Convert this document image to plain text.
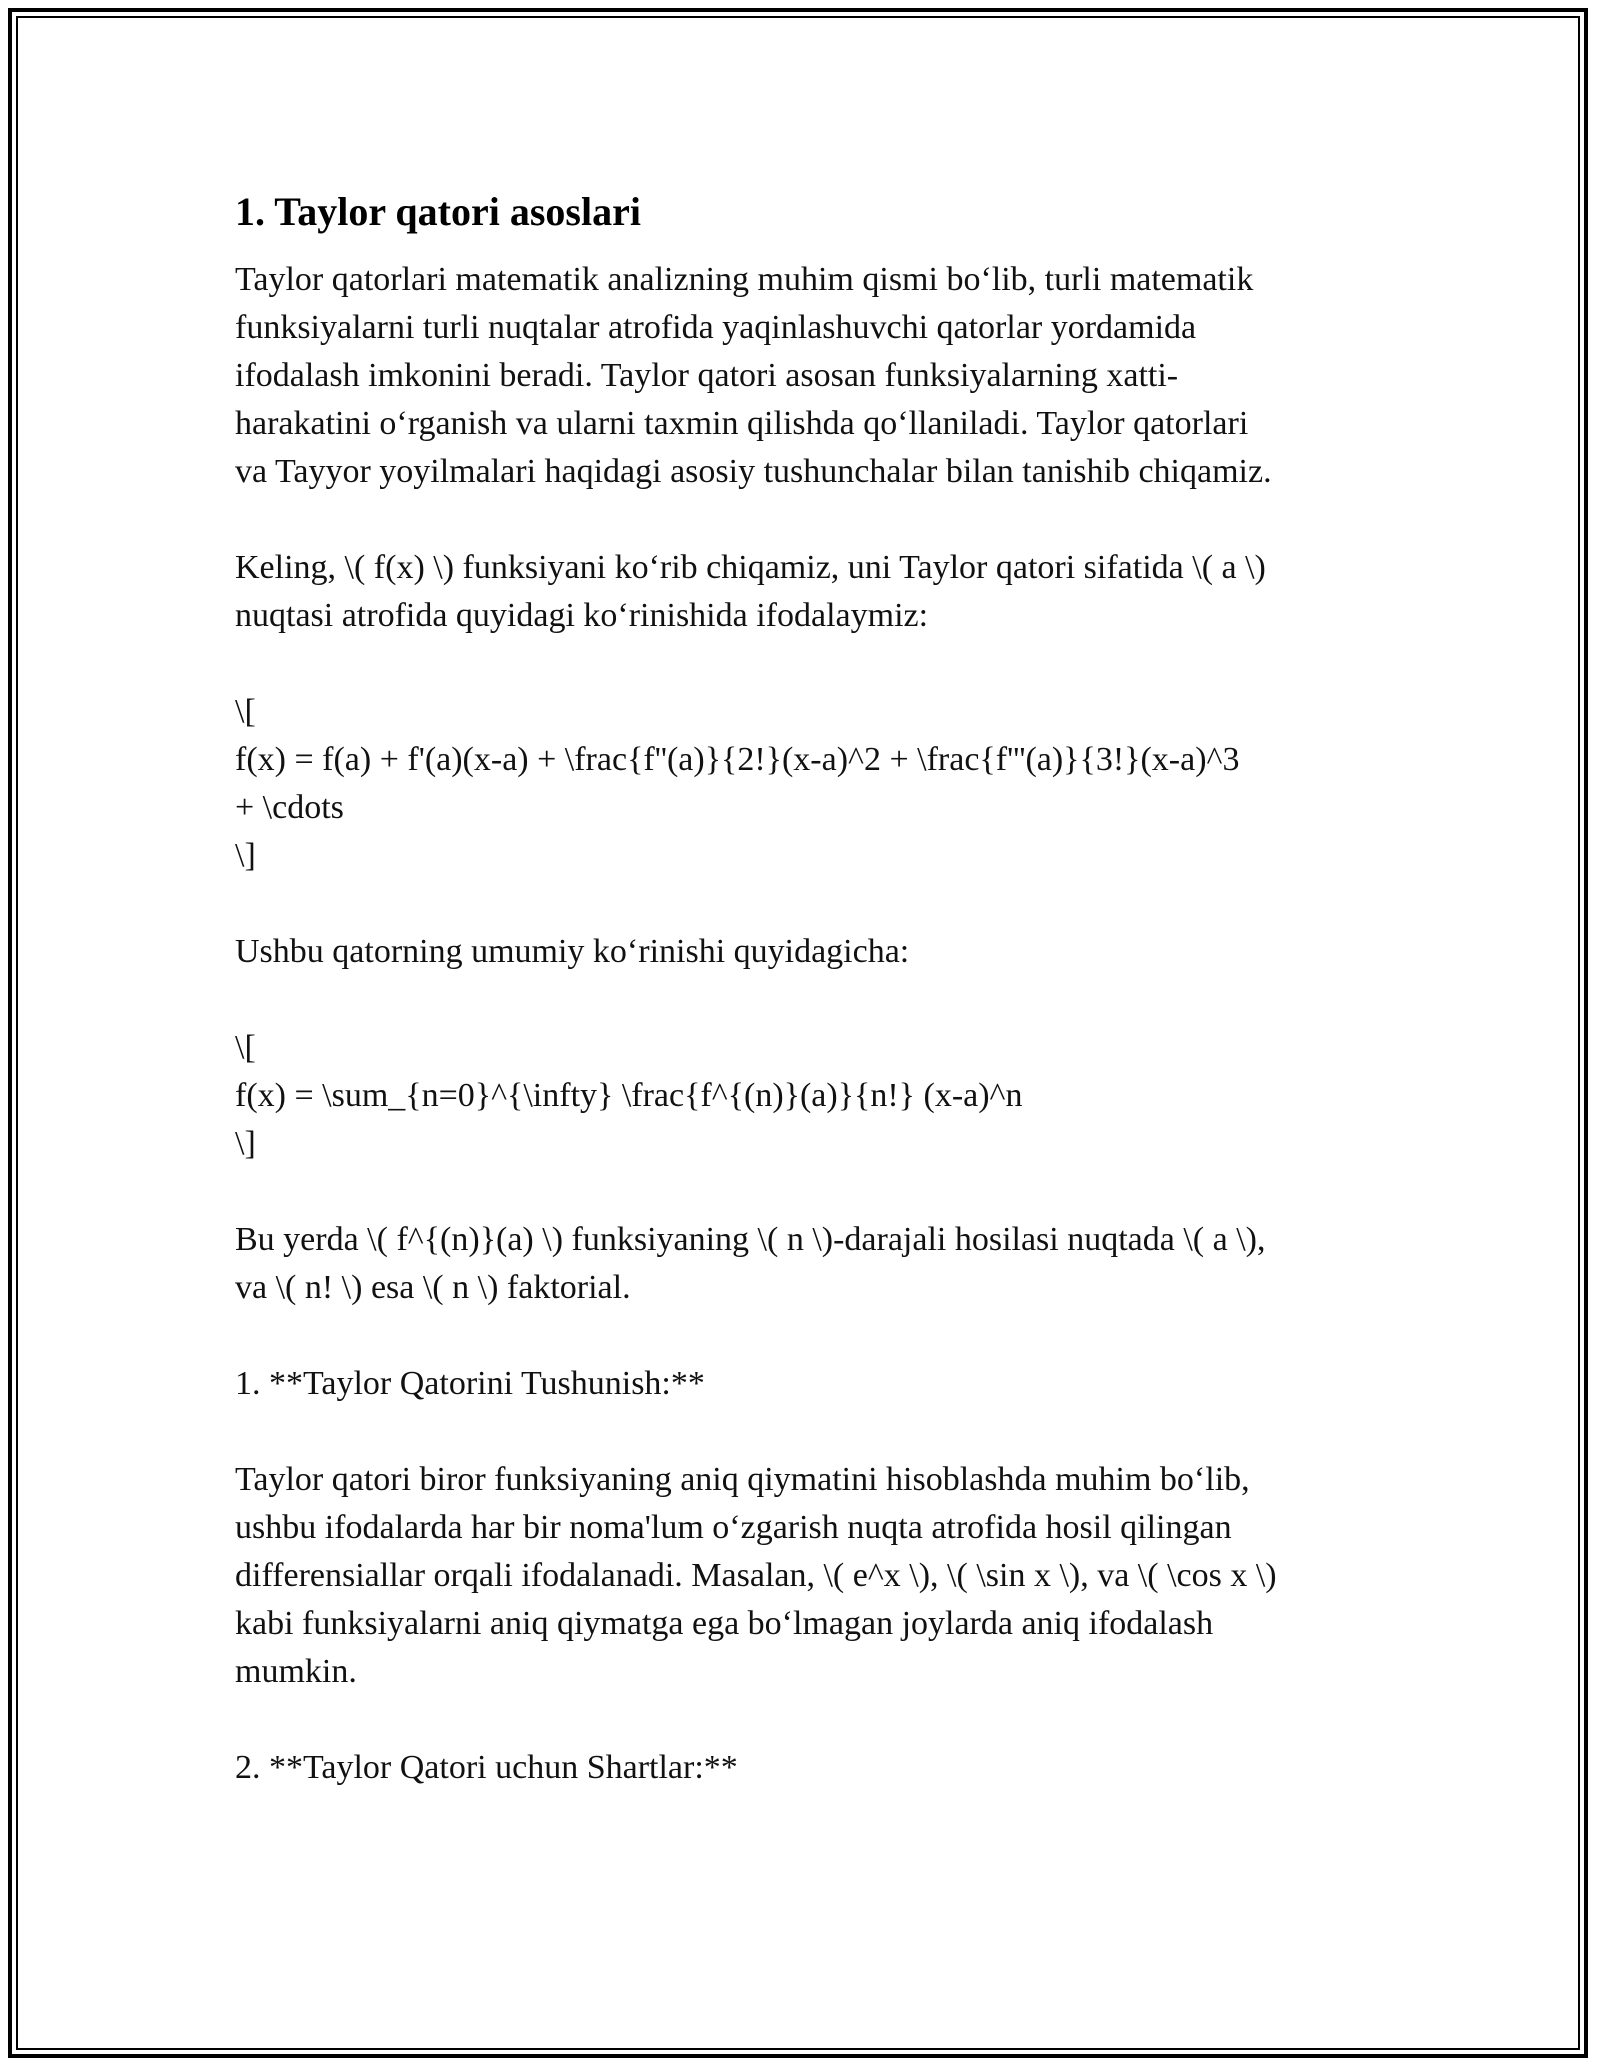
1. Taylor qatori asoslari

Taylor qatorlari matematik analizning muhim qismi bo‘lib, turli matematik
funksiyalarni turli nuqtalar atrofida yaqinlashuvchi qatorlar yordamida
ifodalash imkonini beradi. Taylor qatori asosan funksiyalarning xatti-
harakatini o‘rganish va ularni taxmin qilishda qo‘llaniladi. Taylor qatorlari
va Tayyor yoyilmalari haqidagi asosiy tushunchalar bilan tanishib chiqamiz.

Keling, \( f(x) \) funksiyani ko‘rib chiqamiz, uni Taylor qatori sifatida \( a \)
nuqtasi atrofida quyidagi ko‘rinishida ifodalaymiz:

\[
f(x) = f(a) + f'(a)(x-a) + \frac{f''(a)}{2!}(x-a)^2 + \frac{f'''(a)}{3!}(x-a)^3
+ \cdots
\]

Ushbu qatorning umumiy ko‘rinishi quyidagicha:

\[
f(x) = \sum_{n=0}^{\infty} \frac{f^{(n)}(a)}{n!} (x-a)^n
\]

Bu yerda \( f^{(n)}(a) \) funksiyaning \( n \)-darajali hosilasi nuqtada \( a \),
va \( n! \) esa \( n \) faktorial.

1. **Taylor Qatorini Tushunish:**

Taylor qatori biror funksiyaning aniq qiymatini hisoblashda muhim bo‘lib,
ushbu ifodalarda har bir noma'lum o‘zgarish nuqta atrofida hosil qilingan
differensiallar orqali ifodalanadi. Masalan, \( e^x \), \( \sin x \), va \( \cos x \)
kabi funksiyalarni aniq qiymatga ega bo‘lmagan joylarda aniq ifodalash
mumkin.

2. **Taylor Qatori uchun Shartlar:**
